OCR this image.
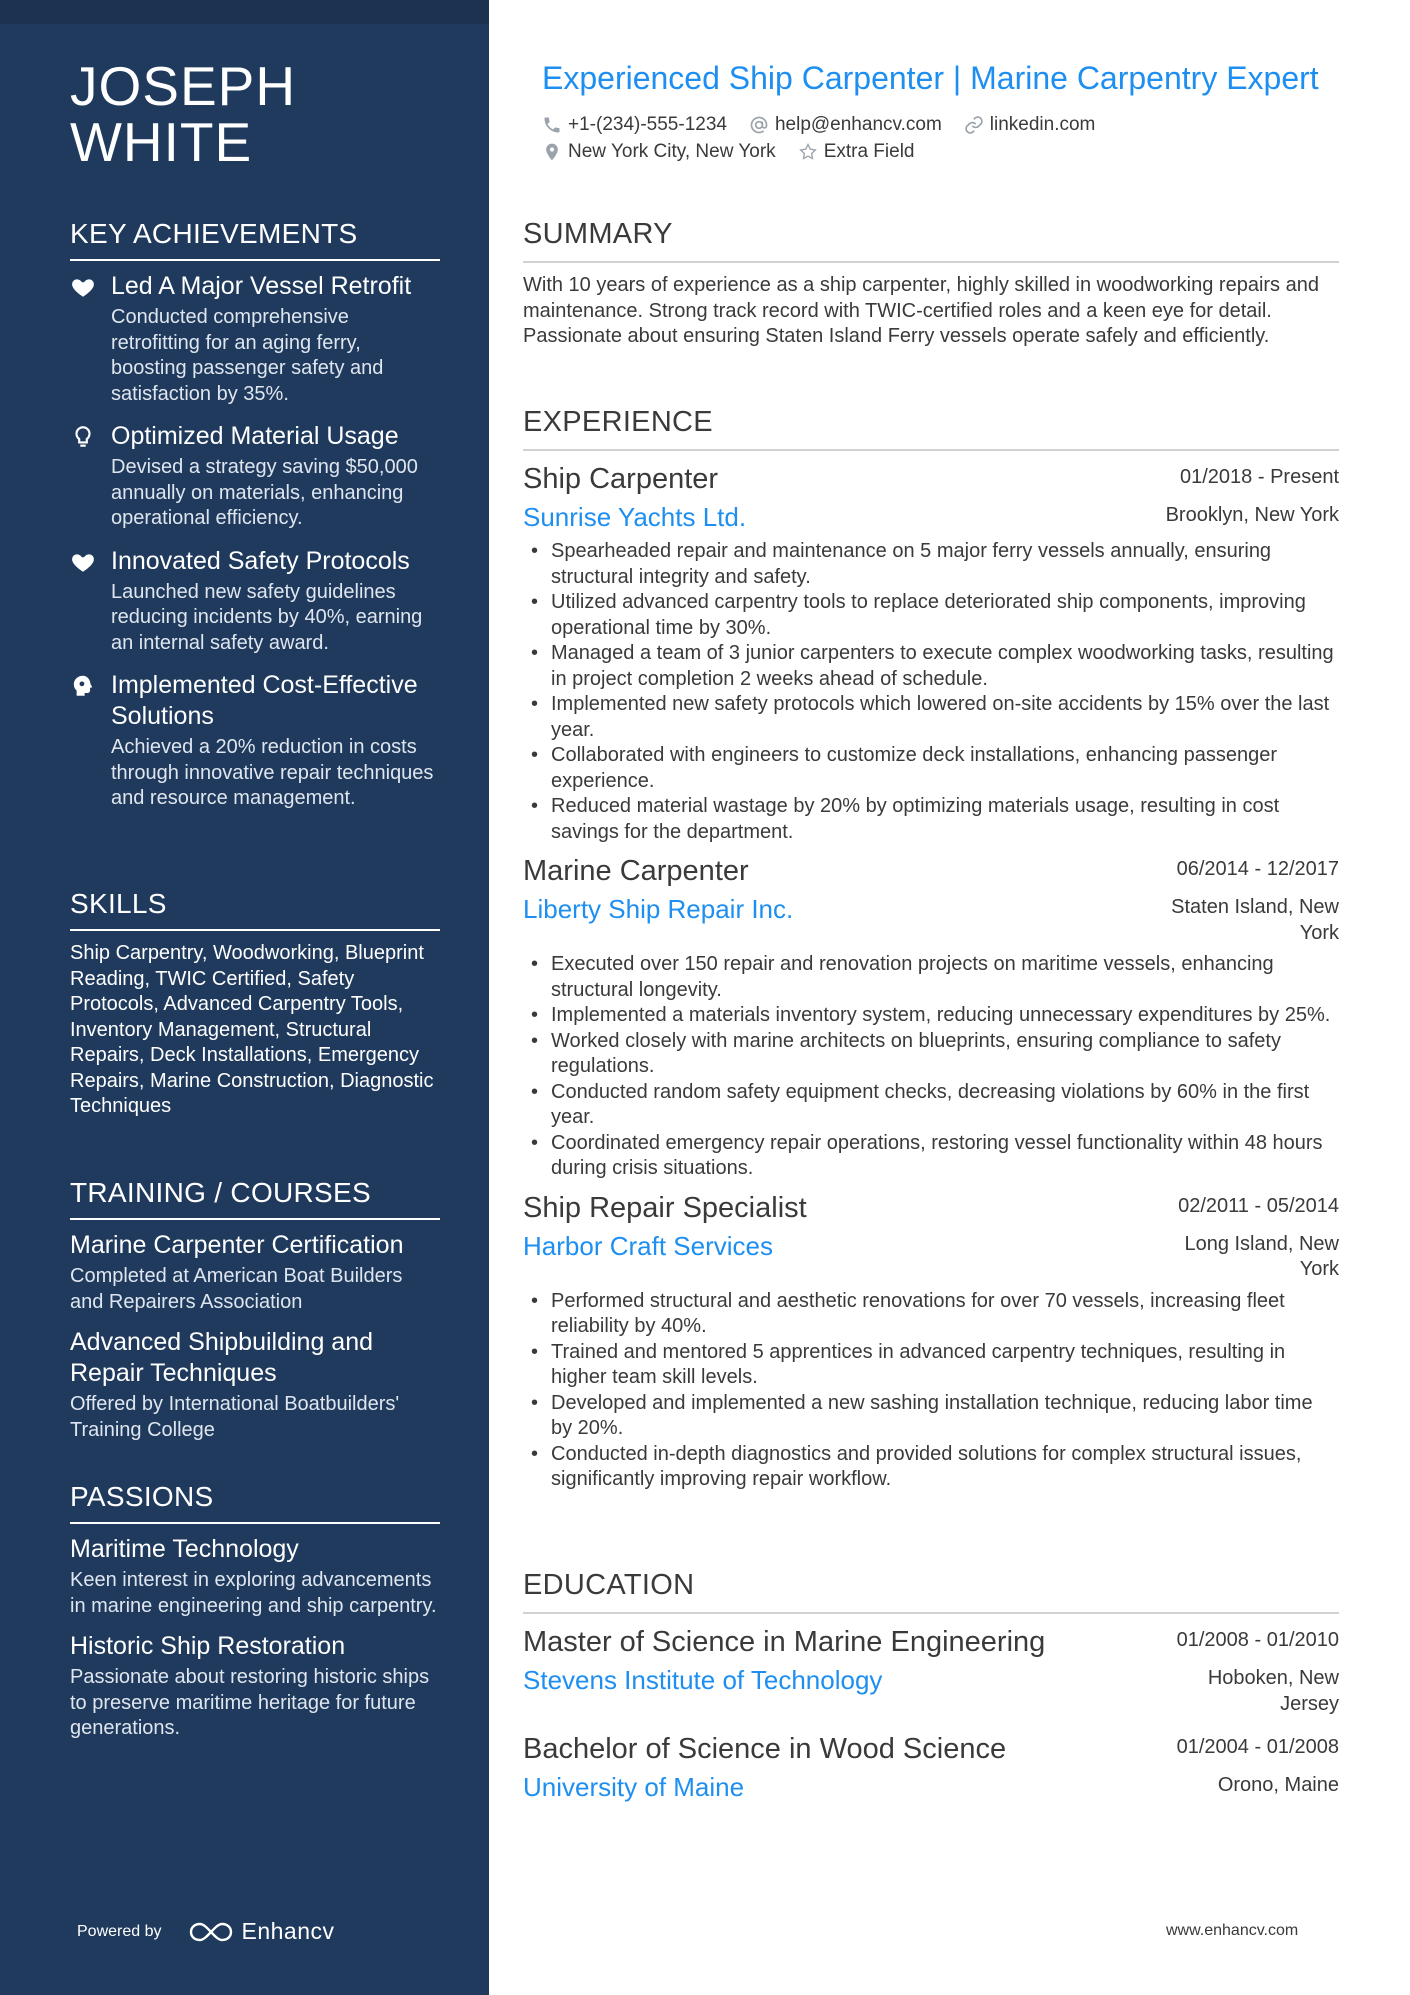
JOSEPH WHITE
KEY ACHIEVEMENTS
Led A Major Vessel Retrofit
Conducted comprehensive retrofitting for an aging ferry, boosting passenger safety and satisfaction by 35%.
Optimized Material Usage
Devised a strategy saving $50,000 annually on materials, enhancing operational efficiency.
Innovated Safety Protocols
Launched new safety guidelines reducing incidents by 40%, earning an internal safety award.
Implemented Cost-Effective Solutions
Achieved a 20% reduction in costs through innovative repair techniques and resource management.
SKILLS
Ship Carpentry, Woodworking, Blueprint Reading, TWIC Certified, Safety Protocols, Advanced Carpentry Tools, Inventory Management, Structural Repairs, Deck Installations, Emergency Repairs, Marine Construction, Diagnostic Techniques
TRAINING / COURSES
Marine Carpenter Certification
Completed at American Boat Builders and Repairers Association
Advanced Shipbuilding and Repair Techniques
Offered by International Boatbuilders' Training College
PASSIONS
Maritime Technology
Keen interest in exploring advancements in marine engineering and ship carpentry.
Historic Ship Restoration
Passionate about restoring historic ships to preserve maritime heritage for future generations.
Powered by	Enhancv
Experienced Ship Carpenter | Marine Carpentry Expert
+1-(234)-555-1234	help@enhancv.com	linkedin.com
New York City, New York	Extra Field
SUMMARY
With 10 years of experience as a ship carpenter, highly skilled in woodworking repairs and maintenance. Strong track record with TWIC-certified roles and a keen eye for detail. Passionate about ensuring Staten Island Ferry vessels operate safely and efficiently.
EXPERIENCE
Ship Carpenter	01/2018 - Present
Sunrise Yachts Ltd.	Brooklyn, New York
• Spearheaded repair and maintenance on 5 major ferry vessels annually, ensuring structural integrity and safety.
• Utilized advanced carpentry tools to replace deteriorated ship components, improving operational time by 30%.
• Managed a team of 3 junior carpenters to execute complex woodworking tasks, resulting in project completion 2 weeks ahead of schedule.
• Implemented new safety protocols which lowered on-site accidents by 15% over the last year.
• Collaborated with engineers to customize deck installations, enhancing passenger experience.
• Reduced material wastage by 20% by optimizing materials usage, resulting in cost savings for the department.
Marine Carpenter	06/2014 - 12/2017
Liberty Ship Repair Inc.	Staten Island, New York
• Executed over 150 repair and renovation projects on maritime vessels, enhancing structural longevity.
• Implemented a materials inventory system, reducing unnecessary expenditures by 25%.
• Worked closely with marine architects on blueprints, ensuring compliance to safety regulations.
• Conducted random safety equipment checks, decreasing violations by 60% in the first year.
• Coordinated emergency repair operations, restoring vessel functionality within 48 hours during crisis situations.
Ship Repair Specialist	02/2011 - 05/2014
Harbor Craft Services	Long Island, New York
• Performed structural and aesthetic renovations for over 70 vessels, increasing fleet reliability by 40%.
• Trained and mentored 5 apprentices in advanced carpentry techniques, resulting in higher team skill levels.
• Developed and implemented a new sashing installation technique, reducing labor time by 20%.
• Conducted in-depth diagnostics and provided solutions for complex structural issues, significantly improving repair workflow.
EDUCATION
Master of Science in Marine Engineering	01/2008 - 01/2010
Stevens Institute of Technology	Hoboken, New Jersey
Bachelor of Science in Wood Science	01/2004 - 01/2008
University of Maine	Orono, Maine
www.enhancv.com
